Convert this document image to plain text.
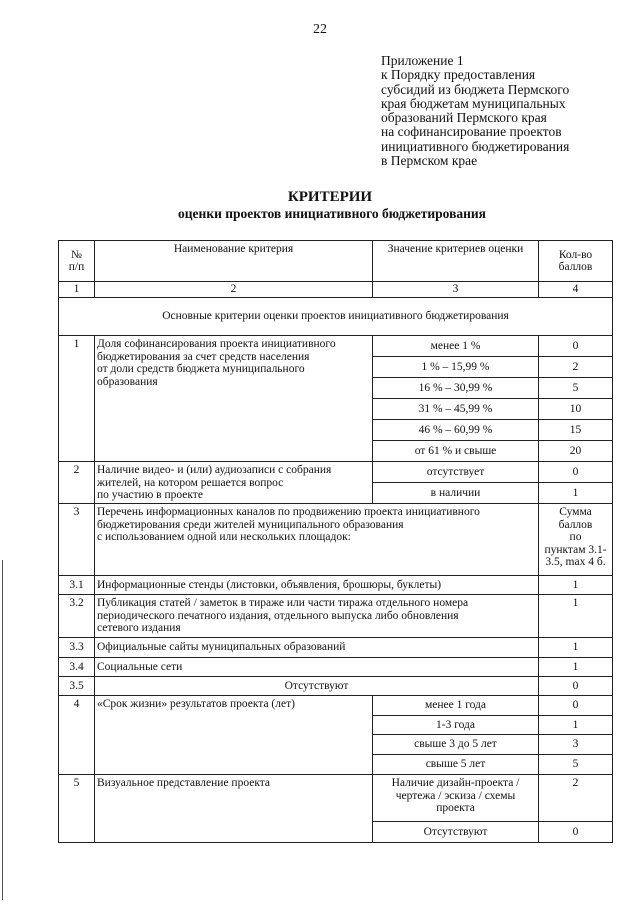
22
Приложение 1
к Порядку предоставления
субсидий из бюджета Пермского
края бюджетам муниципальных
образований Пермского края
на софинансирование проектов
инициативного бюджетирования
в Пермском крае
КРИТЕРИИ
оценки проектов инициативного бюджетирования
№
п/п	Наименование критерия	Значение критериев оценки	Кол-во
баллов
1	2	3	4
Основные критерии оценки проектов инициативного бюджетирования			
1	Доля софинансирования проекта инициативного
бюджетирования за счет средств населения
от доли средств бюджета муниципального
образования	менее 1 %	0
		1 % – 15,99 %	2
		16 % – 30,99 %	5
		31 % – 45,99 %	10
		46 % – 60,99 %	15
		от 61 % и свыше	20
2	Наличие видео- и (или) аудиозаписи с собрания
жителей, на котором решается вопрос
по участию в проекте	отсутствует	0
		в наличии	1
3	Перечень информационных каналов по продвижению проекта инициативного
бюджетирования среди жителей муниципального образования
с использованием одной или нескольких площадок:		Сумма
баллов
по
пунктам 3.1-
3.5, max 4 б.
3.1	Информационные стенды (листовки, объявления, брошюры, буклеты)		1
3.2	Публикация статей / заметок в тираже или части тиража отдельного номера
периодического печатного издания, отдельного выпуска либо обновления
сетевого издания		1
3.3	Официальные сайты муниципальных образований		1
3.4	Социальные сети		1
3.5	Отсутствуют		0
4	«Срок жизни» результатов проекта (лет)	менее 1 года	0
		1-3 года	1
		свыше 3 до 5 лет	3
		свыше 5 лет	5
5	Визуальное представление проекта	Наличие дизайн-проекта /
чертежа / эскиза / схемы
проекта	2
		Отсутствуют	0
